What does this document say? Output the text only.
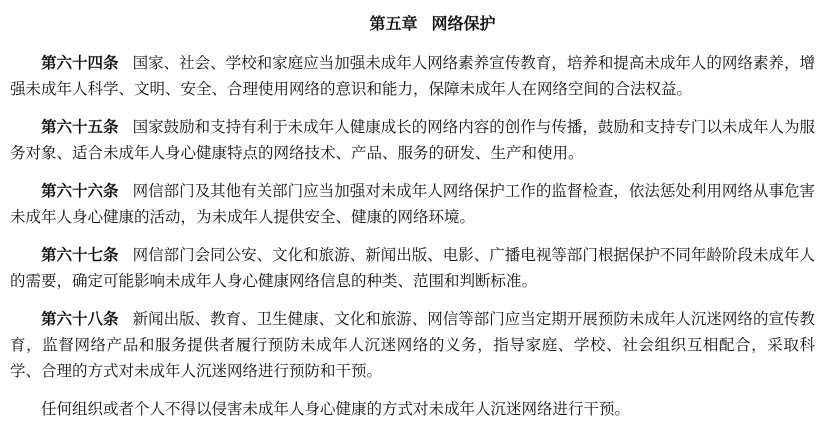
第五章 网络保护

第六十四条 国家、社会、学校和家庭应当加强未成年人网络素养宣传教育，培养和提高未成年人的网络素养，增强未成年人科学、文明、安全、合理使用网络的意识和能力，保障未成年人在网络空间的合法权益。

第六十五条 国家鼓励和支持有利于未成年人健康成长的网络内容的创作与传播，鼓励和支持专门以未成年人为服务对象、适合未成年人身心健康特点的网络技术、产品、服务的研发、生产和使用。

第六十六条 网信部门及其他有关部门应当加强对未成年人网络保护工作的监督检查，依法惩处利用网络从事危害未成年人身心健康的活动，为未成年人提供安全、健康的网络环境。

第六十七条 网信部门会同公安、文化和旅游、新闻出版、电影、广播电视等部门根据保护不同年龄阶段未成年人的需要，确定可能影响未成年人身心健康网络信息的种类、范围和判断标准。

第六十八条 新闻出版、教育、卫生健康、文化和旅游、网信等部门应当定期开展预防未成年人沉迷网络的宣传教育，监督网络产品和服务提供者履行预防未成年人沉迷网络的义务，指导家庭、学校、社会组织互相配合，采取科学、合理的方式对未成年人沉迷网络进行预防和干预。

任何组织或者个人不得以侵害未成年人身心健康的方式对未成年人沉迷网络进行干预。
